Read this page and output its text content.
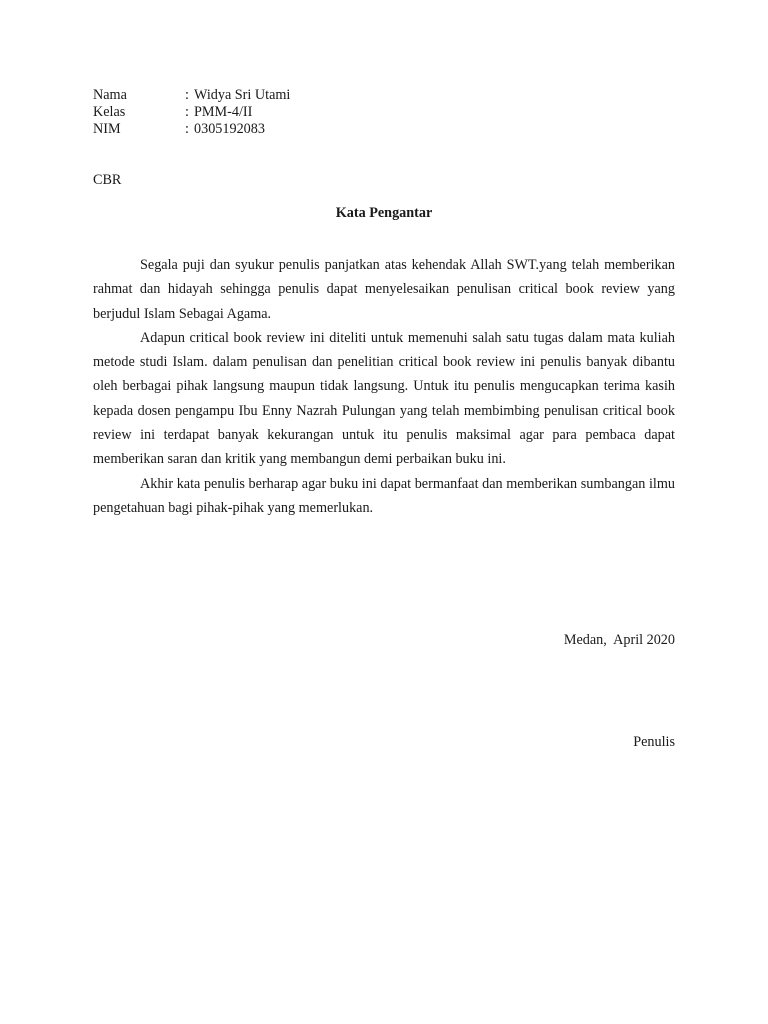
Nama	: Widya Sri Utami
Kelas	: PMM-4/II
NIM	: 0305192083
CBR
Kata Pengantar

Segala puji dan syukur penulis panjatkan atas kehendak Allah SWT.yang telah memberikan rahmat dan hidayah sehingga penulis dapat menyelesaikan penulisan critical book review yang berjudul Islam Sebagai Agama.

Adapun critical book review ini diteliti untuk memenuhi salah satu tugas dalam mata kuliah metode studi Islam. dalam penulisan dan penelitian critical book review ini penulis banyak dibantu oleh berbagai pihak langsung maupun tidak langsung. Untuk itu penulis mengucapkan terima kasih kepada dosen pengampu Ibu Enny Nazrah Pulungan yang telah membimbing penulisan critical book review ini terdapat banyak kekurangan untuk itu penulis maksimal agar para pembaca dapat memberikan saran dan kritik yang membangun demi perbaikan buku ini.

Akhir kata penulis berharap agar buku ini dapat bermanfaat dan memberikan sumbangan ilmu pengetahuan bagi pihak-pihak yang memerlukan.

Medan,  April 2020
Penulis
